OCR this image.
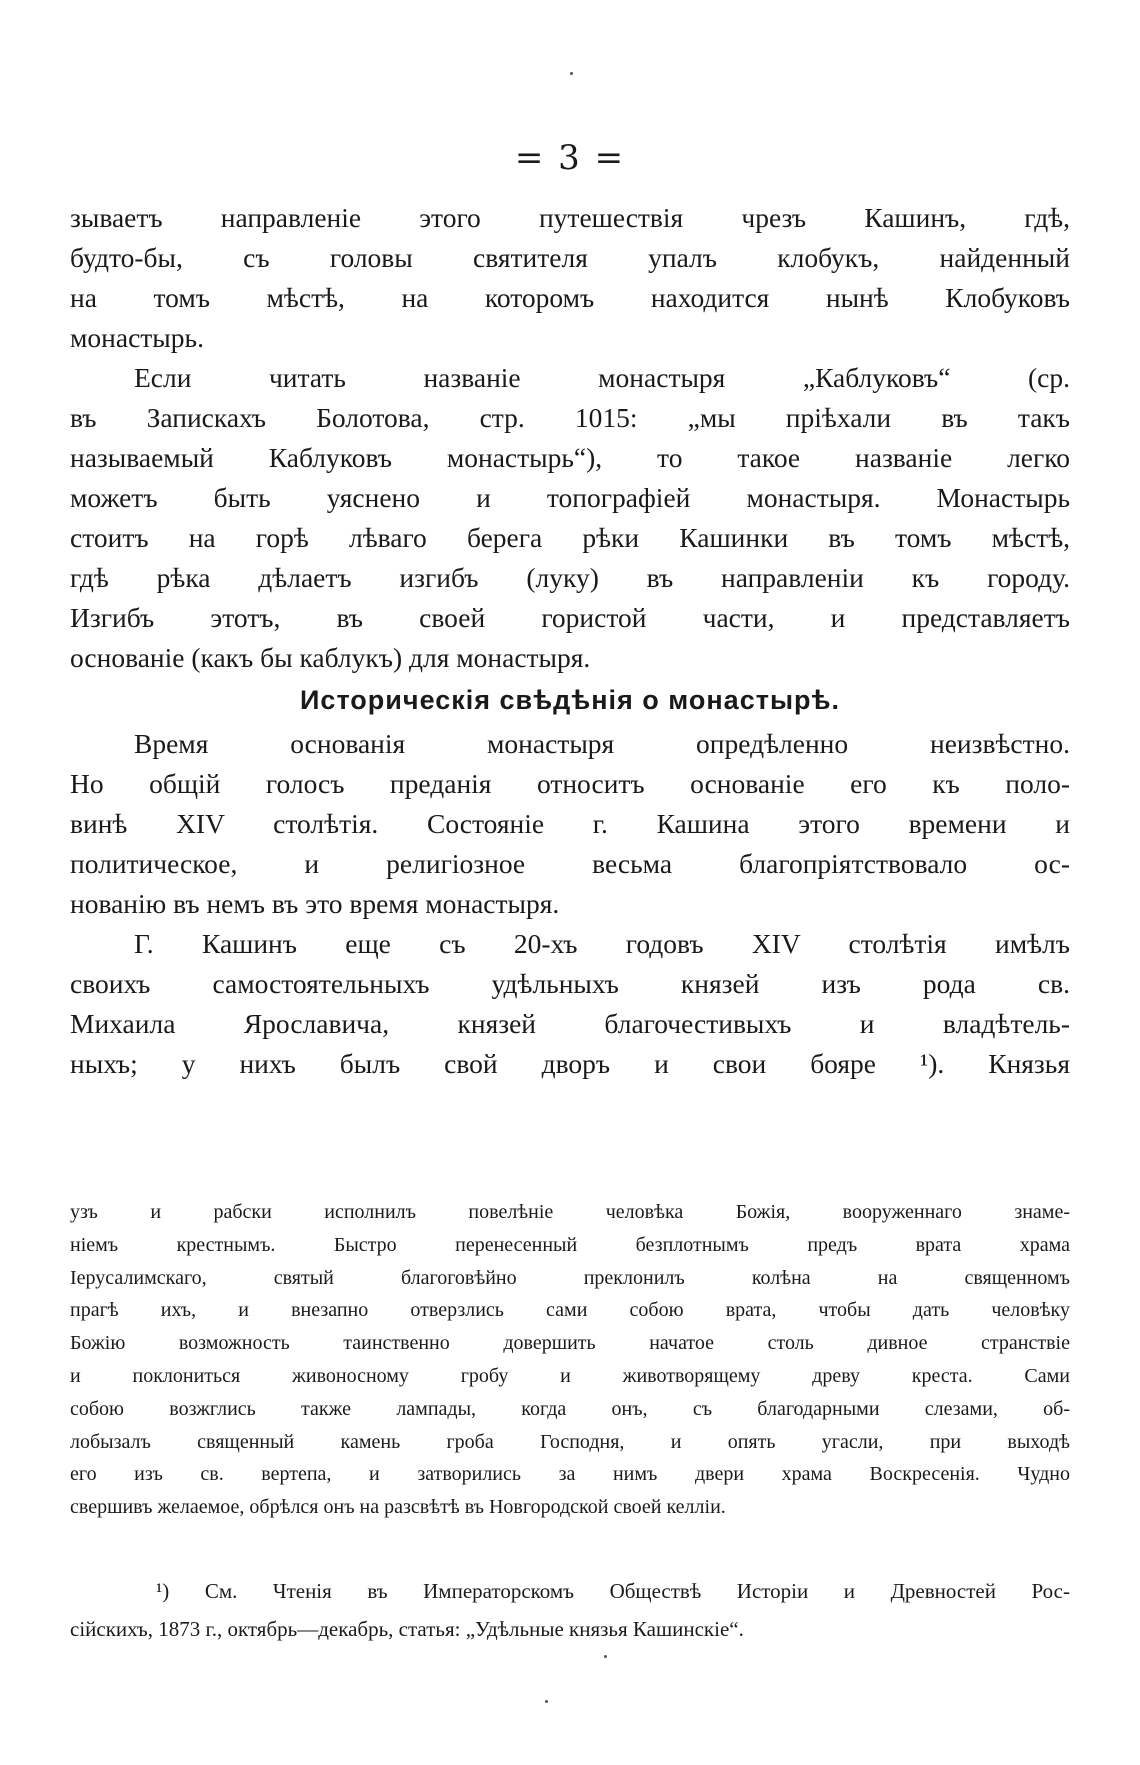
= 3 =
зываетъ направленіе этого путешествія чрезъ Кашинъ, гдѣ,
будто-бы, съ головы святителя упалъ клобукъ, найденный
на томъ мѣстѣ, на которомъ находится нынѣ Клобуковъ
монастырь.
Если читать названіе монастыря „Каблуковъ“ (ср.
въ Запискахъ Болотова, стр. 1015: „мы пріѣхали въ такъ
называемый Каблуковъ монастырь“), то такое названіе легко
можетъ быть уяснено и топографіей монастыря. Монастырь
стоитъ на горѣ лѣваго берега рѣки Кашинки въ томъ мѣстѣ,
гдѣ рѣка дѣлаетъ изгибъ (луку) въ направленіи къ городу.
Изгибъ этотъ, въ своей гористой части, и представляетъ
основаніе (какъ бы каблукъ) для монастыря.
Историческія свѣдѣнія о монастырѣ.
Время основанія монастыря опредѣленно неизвѣстно.
Но общій голосъ преданія относитъ основаніе его къ поло-
винѣ XIV столѣтія. Состояніе г. Кашина этого времени и
политическое, и религіозное весьма благопріятствовало ос-
нованію въ немъ въ это время монастыря.
Г. Кашинъ еще съ 20-хъ годовъ XIV столѣтія имѣлъ
своихъ самостоятельныхъ удѣльныхъ князей изъ рода св.
Михаила Ярославича, князей благочестивыхъ и владѣтель-
ныхъ; у нихъ былъ свой дворъ и свои бояре ¹). Князья
узъ и рабски исполнилъ повелѣніе человѣка Божія, вооруженнаго знаме-
ніемъ крестнымъ. Быстро перенесенный безплотнымъ предъ врата храма
Іерусалимскаго, святый благоговѣйно преклонилъ колѣна на священномъ
прагѣ ихъ, и внезапно отверзлись сами собою врата, чтобы дать человѣку
Божію возможность таинственно довершить начатое столь дивное странствіе
и поклониться живоносному гробу и животворящему древу креста. Сами
собою возжглись также лампады, когда онъ, съ благодарными слезами, об-
лобызалъ священный камень гроба Господня, и опять угасли, при выходѣ
его изъ св. вертепа, и затворились за нимъ двери храма Воскресенія. Чудно
свершивъ желаемое, обрѣлся онъ на разсвѣтѣ въ Новгородской своей келліи.
¹) См. Чтенія въ Императорскомъ Обществѣ Исторіи и Древностей Рос-
сійскихъ, 1873 г., октябрь—декабрь, статья: „Удѣльные князья Кашинскіе“.
